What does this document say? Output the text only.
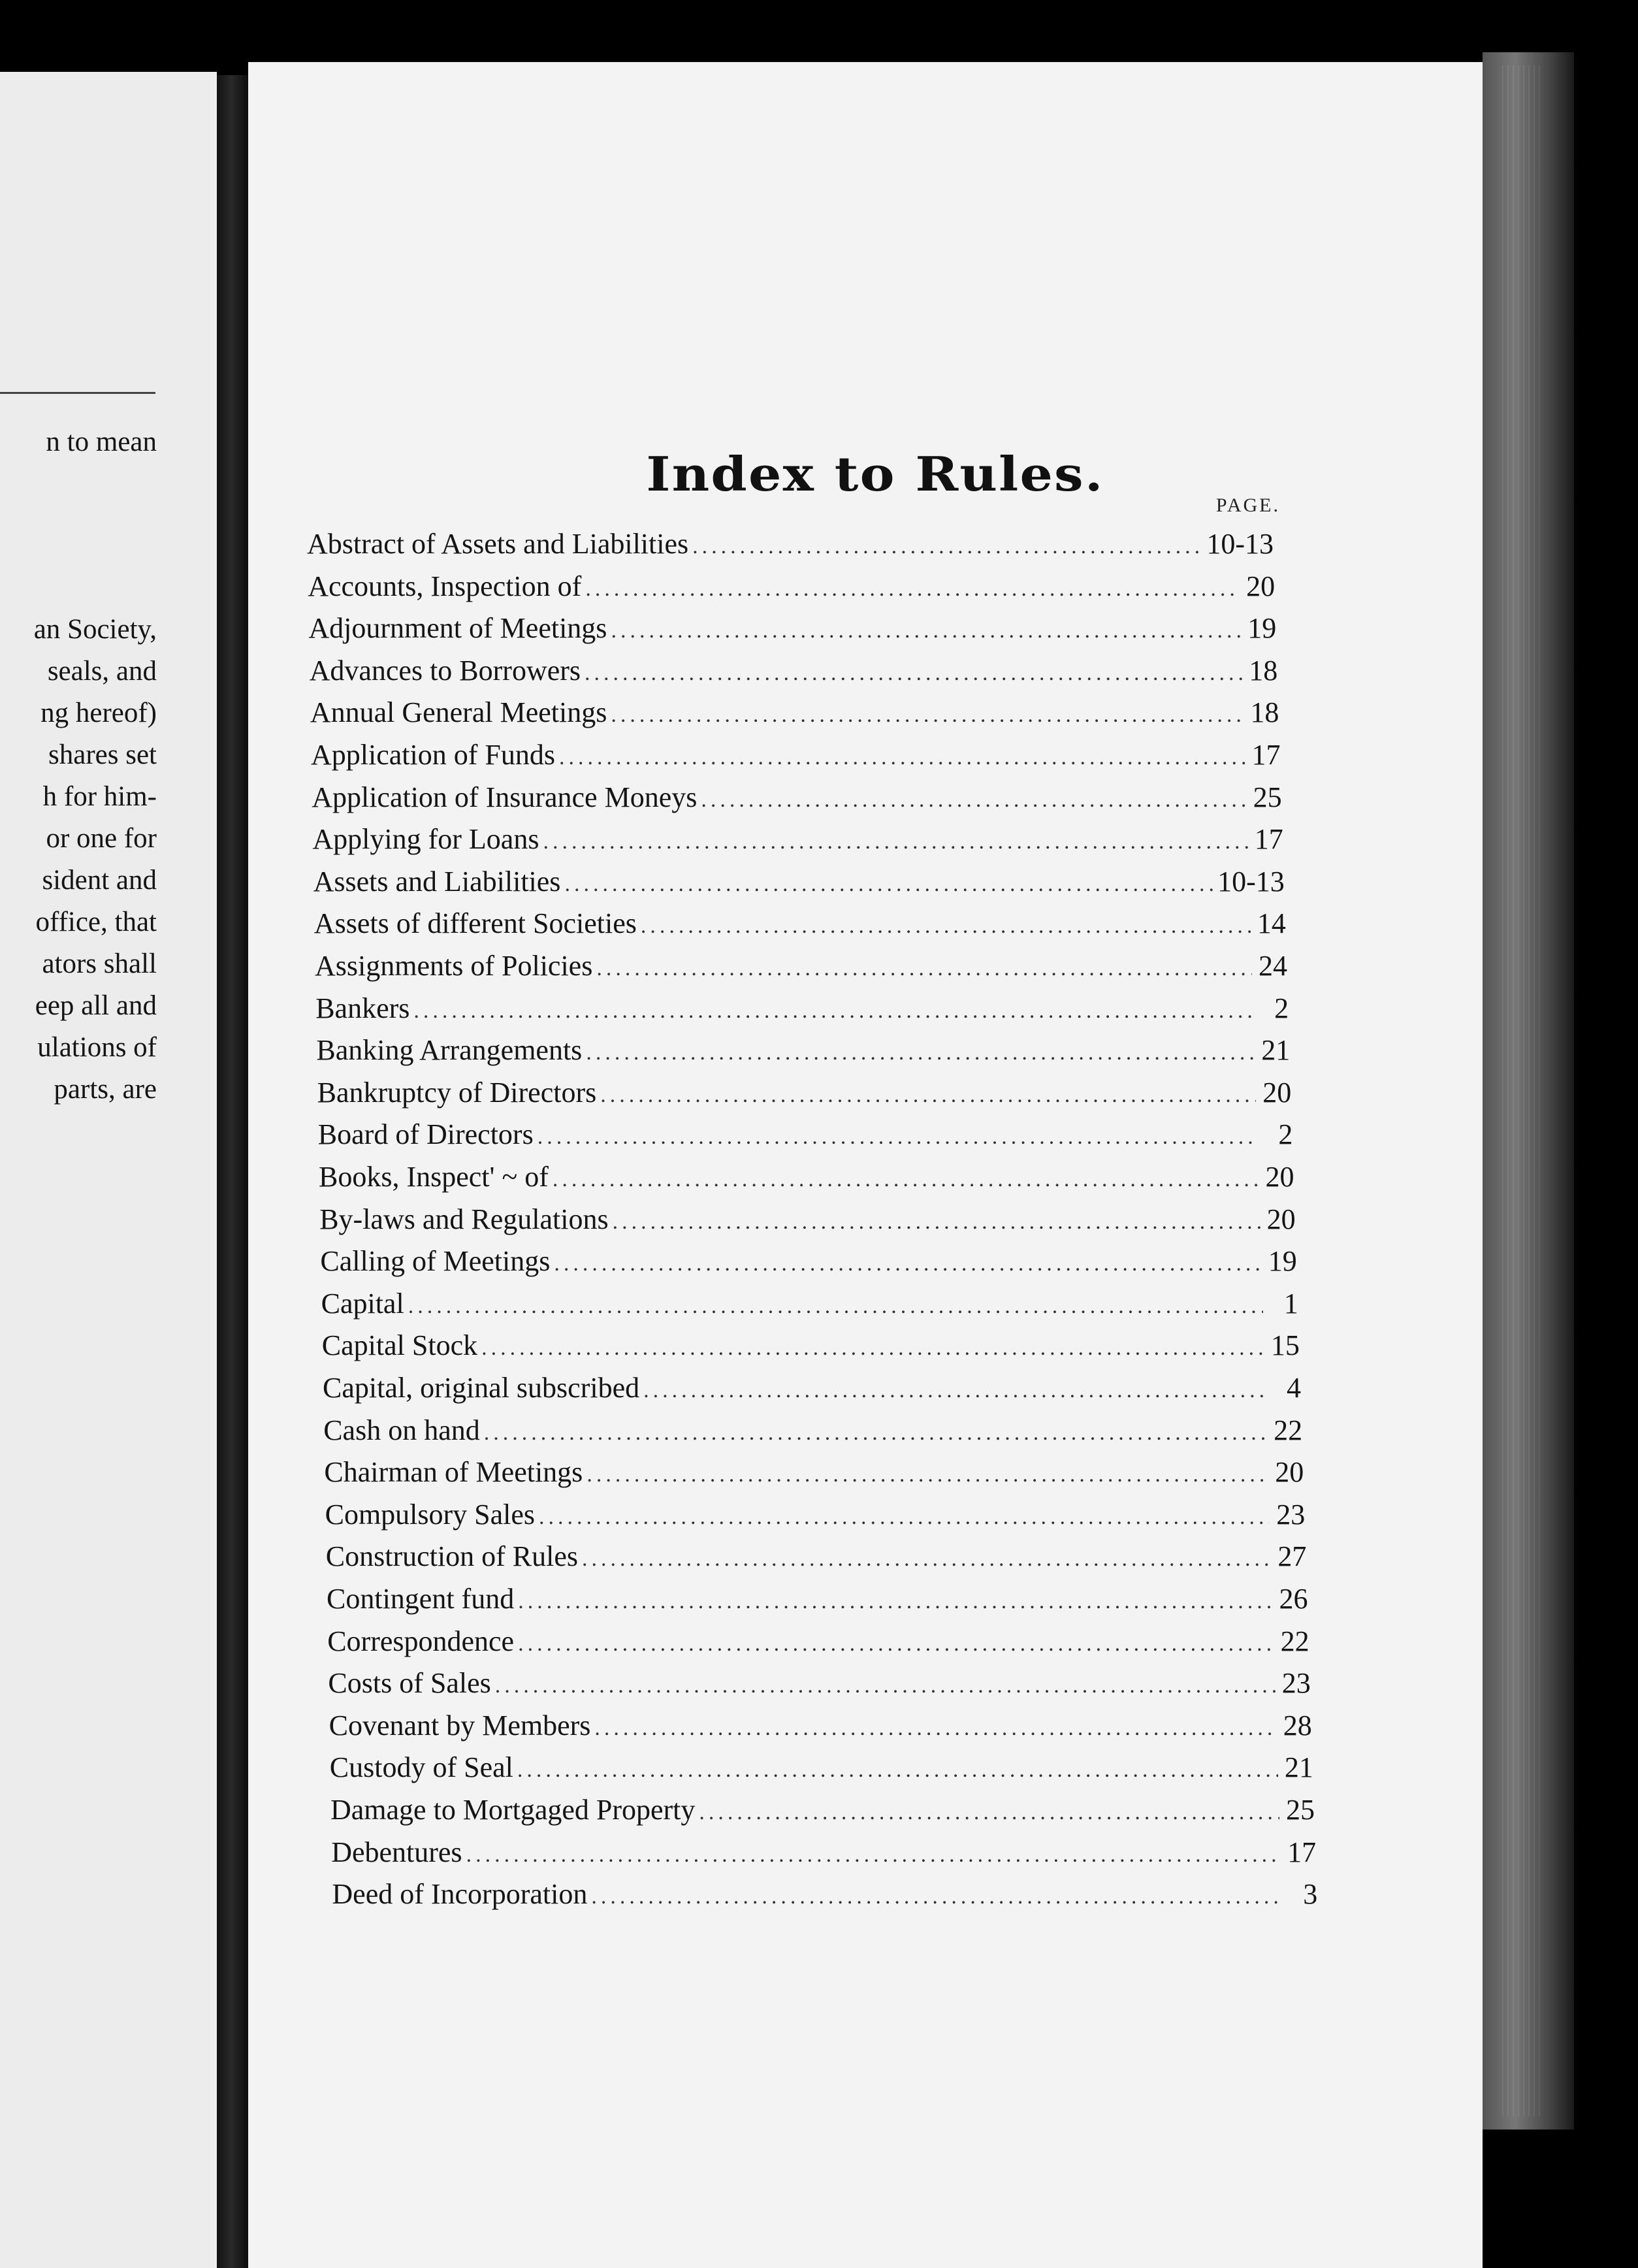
n to mean
an Society,
seals, and
ng hereof)
shares set
h for him-
or one for
sident and
office, that
ators shall
eep all and
ulations of
parts, are
Index to Rules.
PAGE.
Abstract of Assets and Liabilities .....	10-13
Accounts, Inspection of .....	20
Adjournment of Meetings .....	19
Advances to Borrowers .....	18
Annual General Meetings .....	18
Application of Funds .....	17
Application of Insurance Moneys .....	25
Applying for Loans .....	17
Assets and Liabilities .....	10-13
Assets of different Societies .....	14
Assignments of Policies .....	24
Bankers .....	2
Banking Arrangements .....	21
Bankruptcy of Directors .....	20
Board of Directors .....	2
Books, Inspect' ~ of .....	20
By-laws and Regulations .....	20
Calling of Meetings .....	19
Capital .....	1
Capital Stock .....	15
Capital, original subscribed .....	4
Cash on hand .....	22
Chairman of Meetings .....	20
Compulsory Sales .....	23
Construction of Rules .....	27
Contingent fund .....	26
Correspondence .....	22
Costs of Sales .....	23
Covenant by Members .....	28
Custody of Seal .....	21
Damage to Mortgaged Property .....	25
Debentures .....	17
Deed of Incorporation .....	3
